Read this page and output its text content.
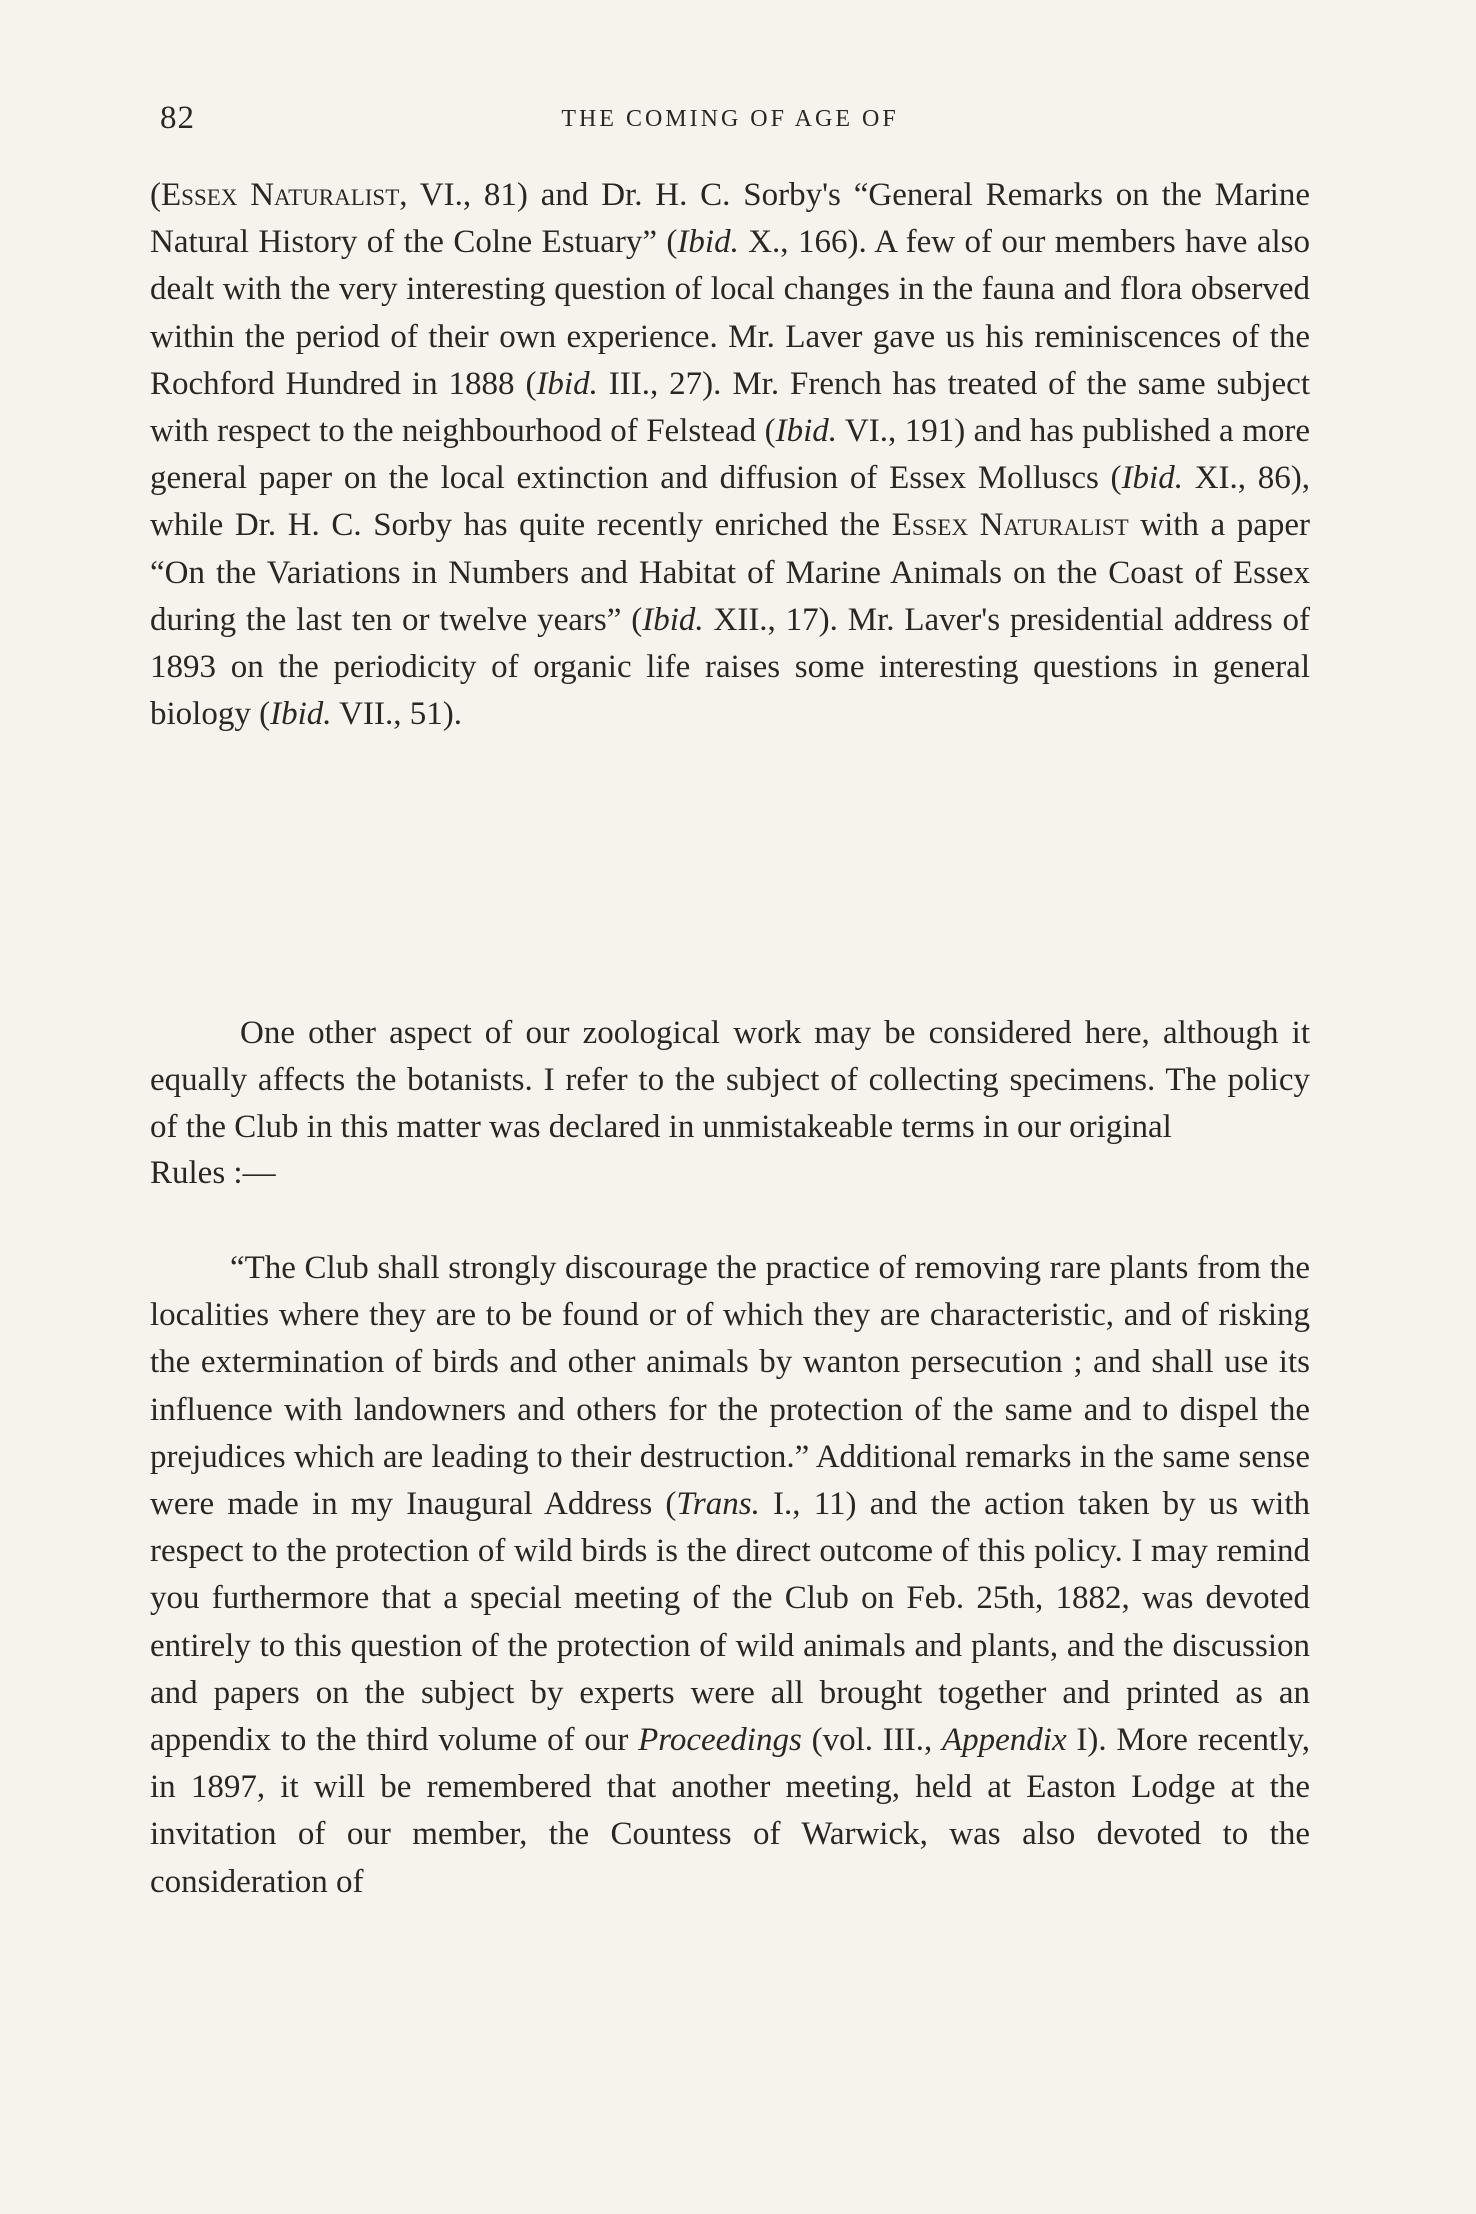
82	THE COMING OF AGE OF

(Essex Naturalist, VI., 81) and Dr. H. C. Sorby's “General Remarks on the Marine Natural History of the Colne Estuary” (Ibid. X., 166). A few of our members have also dealt with the very interesting question of local changes in the fauna and flora observed within the period of their own experience. Mr. Laver gave us his reminiscences of the Rochford Hundred in 1888 (Ibid. III., 27). Mr. French has treated of the same subject with respect to the neighbourhood of Felstead (Ibid. VI., 191) and has published a more general paper on the local extinction and diffusion of Essex Molluscs (Ibid. XI., 86), while Dr. H. C. Sorby has quite recently enriched the Essex Naturalist with a paper “On the Variations in Numbers and Habitat of Marine Animals on the Coast of Essex during the last ten or twelve years” (Ibid. XII., 17). Mr. Laver's presidential address of 1893 on the periodicity of organic life raises some interesting questions in general biology (Ibid. VII., 51).

One other aspect of our zoological work may be considered here, although it equally affects the botanists. I refer to the subject of collecting specimens. The policy of the Club in this matter was declared in unmistakeable terms in our original

Rules :—

“The Club shall strongly discourage the practice of removing rare plants from the localities where they are to be found or of which they are characteristic, and of risking the extermination of birds and other animals by wanton persecution ; and shall use its influence with landowners and others for the protection of the same and to dispel the prejudices which are leading to their destruction.” Additional remarks in the same sense were made in my Inaugural Address (Trans. I., 11) and the action taken by us with respect to the protection of wild birds is the direct outcome of this policy. I may remind you furthermore that a special meeting of the Club on Feb. 25th, 1882, was devoted entirely to this question of the protection of wild animals and plants, and the discussion and papers on the subject by experts were all brought together and printed as an appendix to the third volume of our Proceedings (vol. III., Appendix I). More recently, in 1897, it will be remembered that another meeting, held at Easton Lodge at the invitation of our member, the Countess of Warwick, was also devoted to the consideration of
